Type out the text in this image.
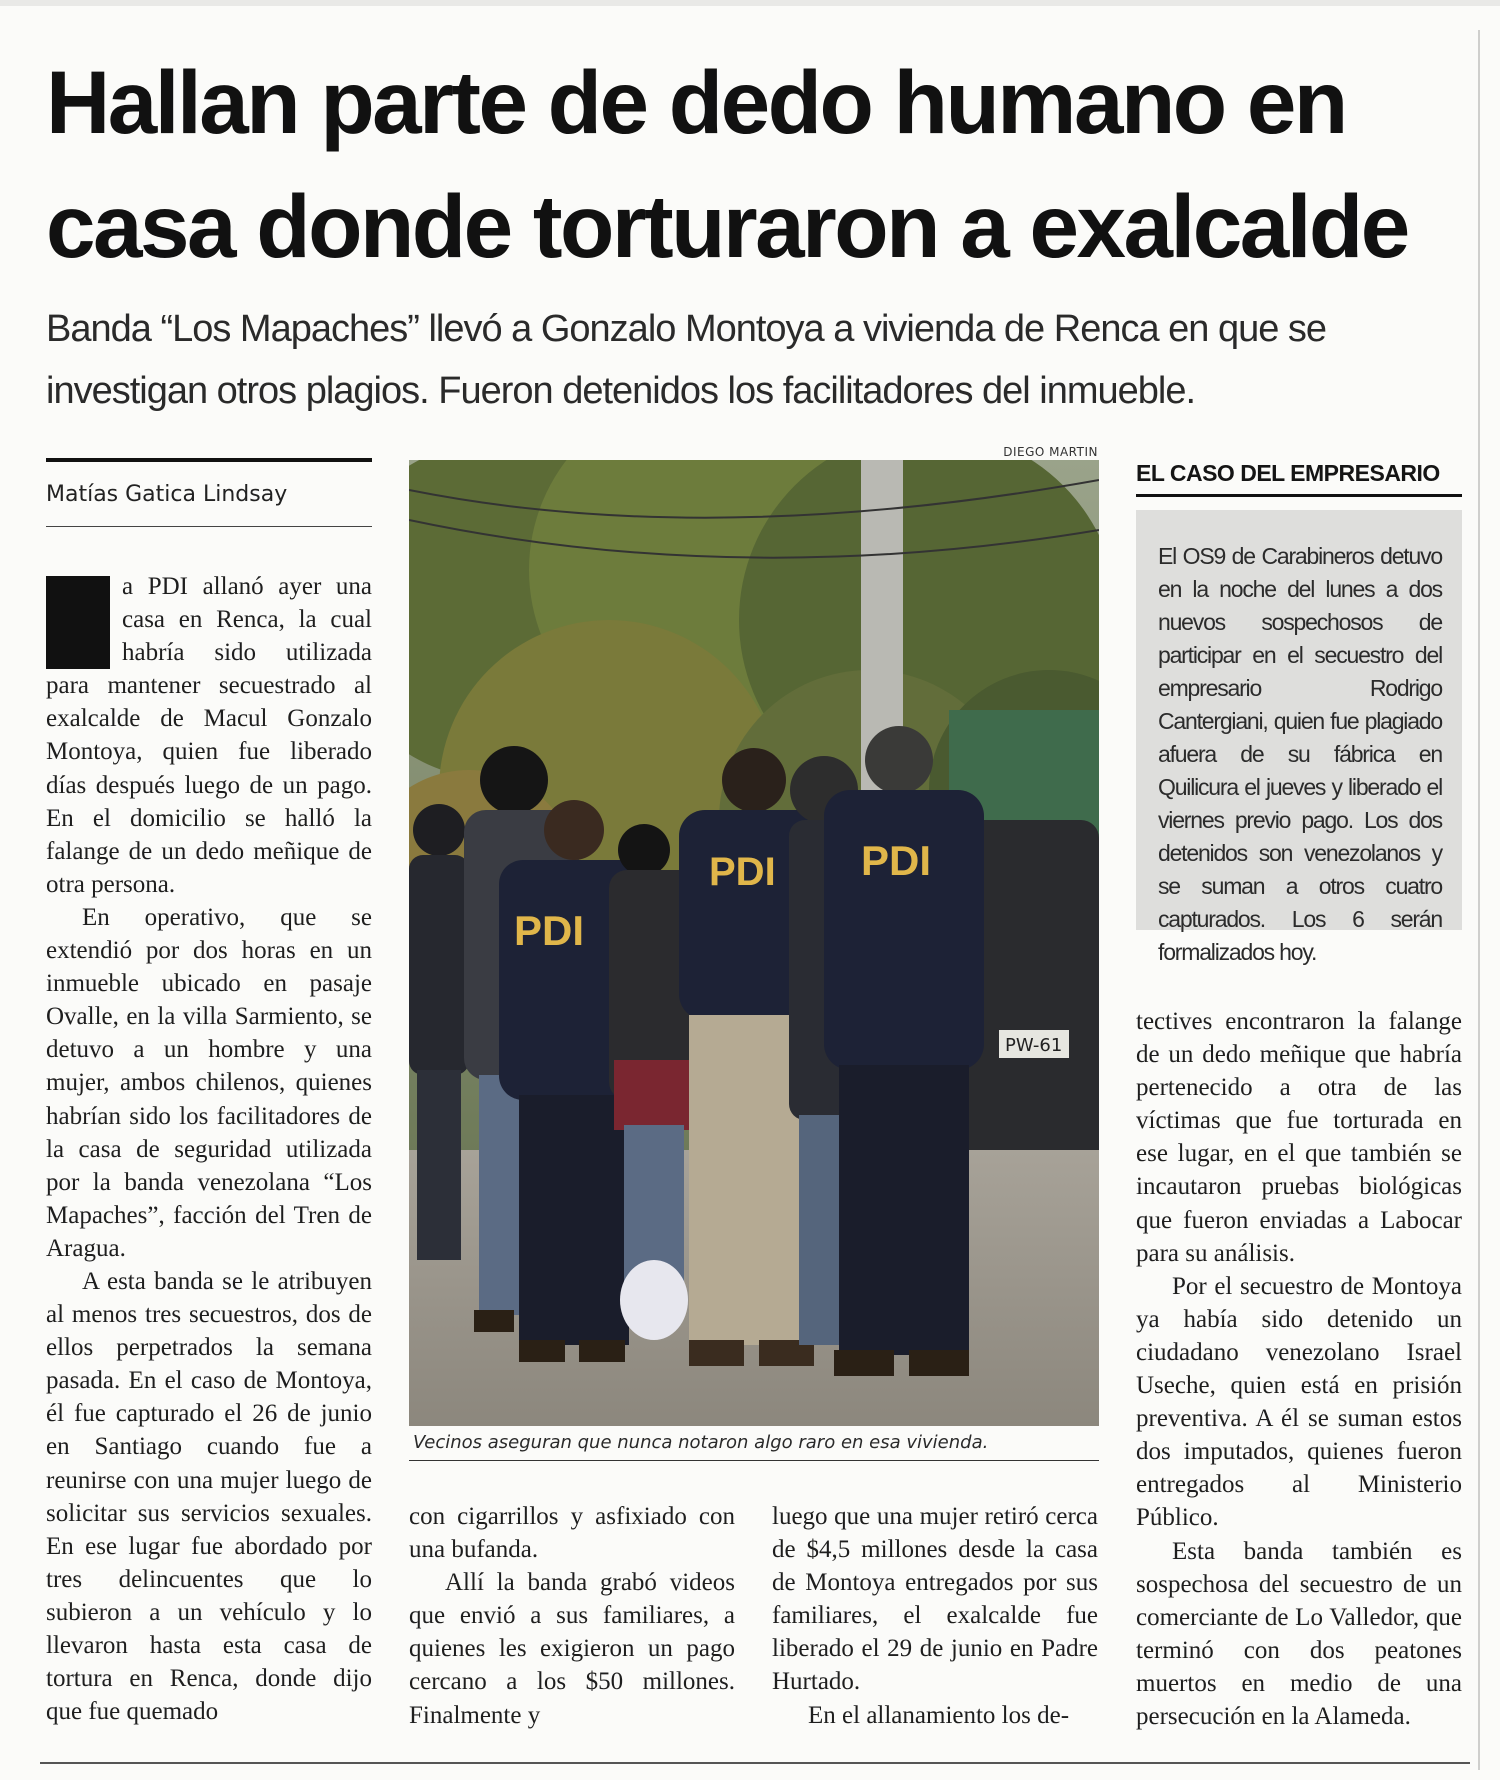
Hallan parte de dedo humano en
casa donde torturaron a exalcalde
Banda “Los Mapaches” llevó a Gonzalo Montoya a vivienda de Renca en que se
investigan otros plagios. Fueron detenidos los facilitadores del inmueble.
Matías Gatica Lindsay

a PDI allanó ayer una casa en Renca, la cual habría sido utilizada para mantener secuestrado al exalcalde de Macul Gonzalo Montoya, quien fue liberado días después luego de un pago. En el domicilio se halló la falange de un dedo meñique de otra persona.

En operativo, que se extendió por dos horas en un inmueble ubicado en pasaje Ovalle, en la villa Sarmiento, se detuvo a un hombre y una mujer, ambos chilenos, quienes habrían sido los facilitadores de la casa de seguridad utilizada por la banda venezolana “Los Mapaches”, facción del Tren de Aragua.

A esta banda se le atribuyen al menos tres secuestros, dos de ellos perpetrados la semana pasada. En el caso de Montoya, él fue capturado el 26 de junio en Santiago cuando fue a reunirse con una mujer luego de solicitar sus servicios sexuales. En ese lugar fue abordado por tres delincuentes que lo subieron a un vehículo y lo llevaron hasta esta casa de tortura en Renca, donde dijo que fue quemado

DIEGO MARTIN
PW-61
PDI
PDI PDI
Vecinos aseguran que nunca notaron algo raro en esa vivienda.

con cigarrillos y asfixiado con una bufanda.

Allí la banda grabó videos que envió a sus familiares, a quienes les exigieron un pago cercano a los $50 millones. Finalmente y

luego que una mujer retiró cerca de $4,5 millones desde la casa de Montoya entregados por sus familiares, el exalcalde fue liberado el 29 de junio en Padre Hurtado.

En el allanamiento los de-

EL CASO DEL EMPRESARIO
El OS9 de Carabineros detuvo en la noche del lunes a dos nuevos sospechosos de participar en el secuestro del empresario Rodrigo Cantergiani, quien fue plagiado afuera de su fábrica en Quilicura el jueves y liberado el viernes previo pago. Los dos detenidos son venezolanos y se suman a otros cuatro capturados. Los 6 serán formalizados hoy.

tectives encontraron la falange de un dedo meñique que habría pertenecido a otra de las víctimas que fue torturada en ese lugar, en el que también se incautaron pruebas biológicas que fueron enviadas a Labocar para su análisis.

Por el secuestro de Montoya ya había sido detenido un ciudadano venezolano Israel Useche, quien está en prisión preventiva. A él se suman estos dos imputados, quienes fueron entregados al Ministerio Público.

Esta banda también es sospechosa del secuestro de un comerciante de Lo Valledor, que terminó con dos peatones muertos en medio de una persecución en la Alameda.
